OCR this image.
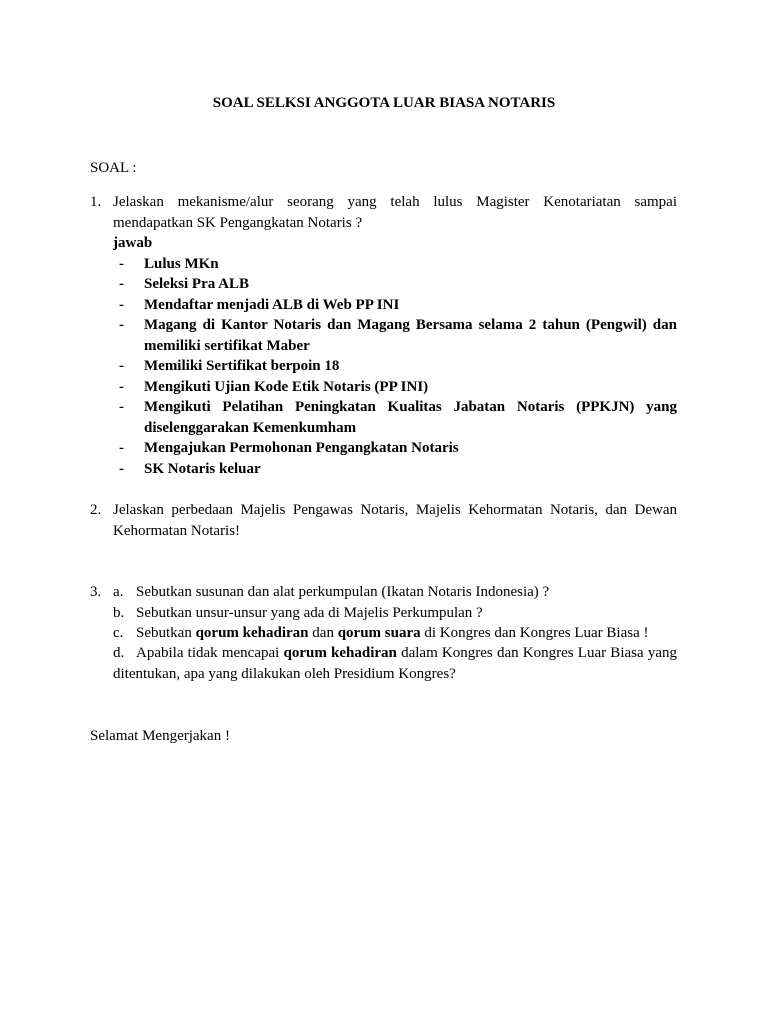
SOAL SELKSI ANGGOTA LUAR BIASA NOTARIS
SOAL :
1. Jelaskan mekanisme/alur seorang yang telah lulus Magister Kenotariatan sampai mendapatkan SK Pengangkatan Notaris ?
jawab
- Lulus MKn
- Seleksi Pra ALB
- Mendaftar menjadi ALB di Web PP INI
- Magang di Kantor Notaris dan Magang Bersama selama 2 tahun (Pengwil) dan memiliki sertifikat Maber
- Memiliki Sertifikat berpoin 18
- Mengikuti Ujian Kode Etik Notaris (PP INI)
- Mengikuti Pelatihan Peningkatan Kualitas Jabatan Notaris (PPKJN) yang diselenggarakan Kemenkumham
- Mengajukan Permohonan Pengangkatan Notaris
- SK Notaris keluar
2. Jelaskan perbedaan Majelis Pengawas Notaris, Majelis Kehormatan Notaris, dan Dewan Kehormatan Notaris!
3. a. Sebutkan susunan dan alat perkumpulan (Ikatan Notaris Indonesia) ?
b. Sebutkan unsur-unsur yang ada di Majelis Perkumpulan ?
c. Sebutkan qorum kehadiran dan qorum suara di Kongres dan Kongres Luar Biasa !
d. Apabila tidak mencapai qorum kehadiran dalam Kongres dan Kongres Luar Biasa yang
ditentukan, apa yang dilakukan oleh Presidium Kongres?
Selamat Mengerjakan !
